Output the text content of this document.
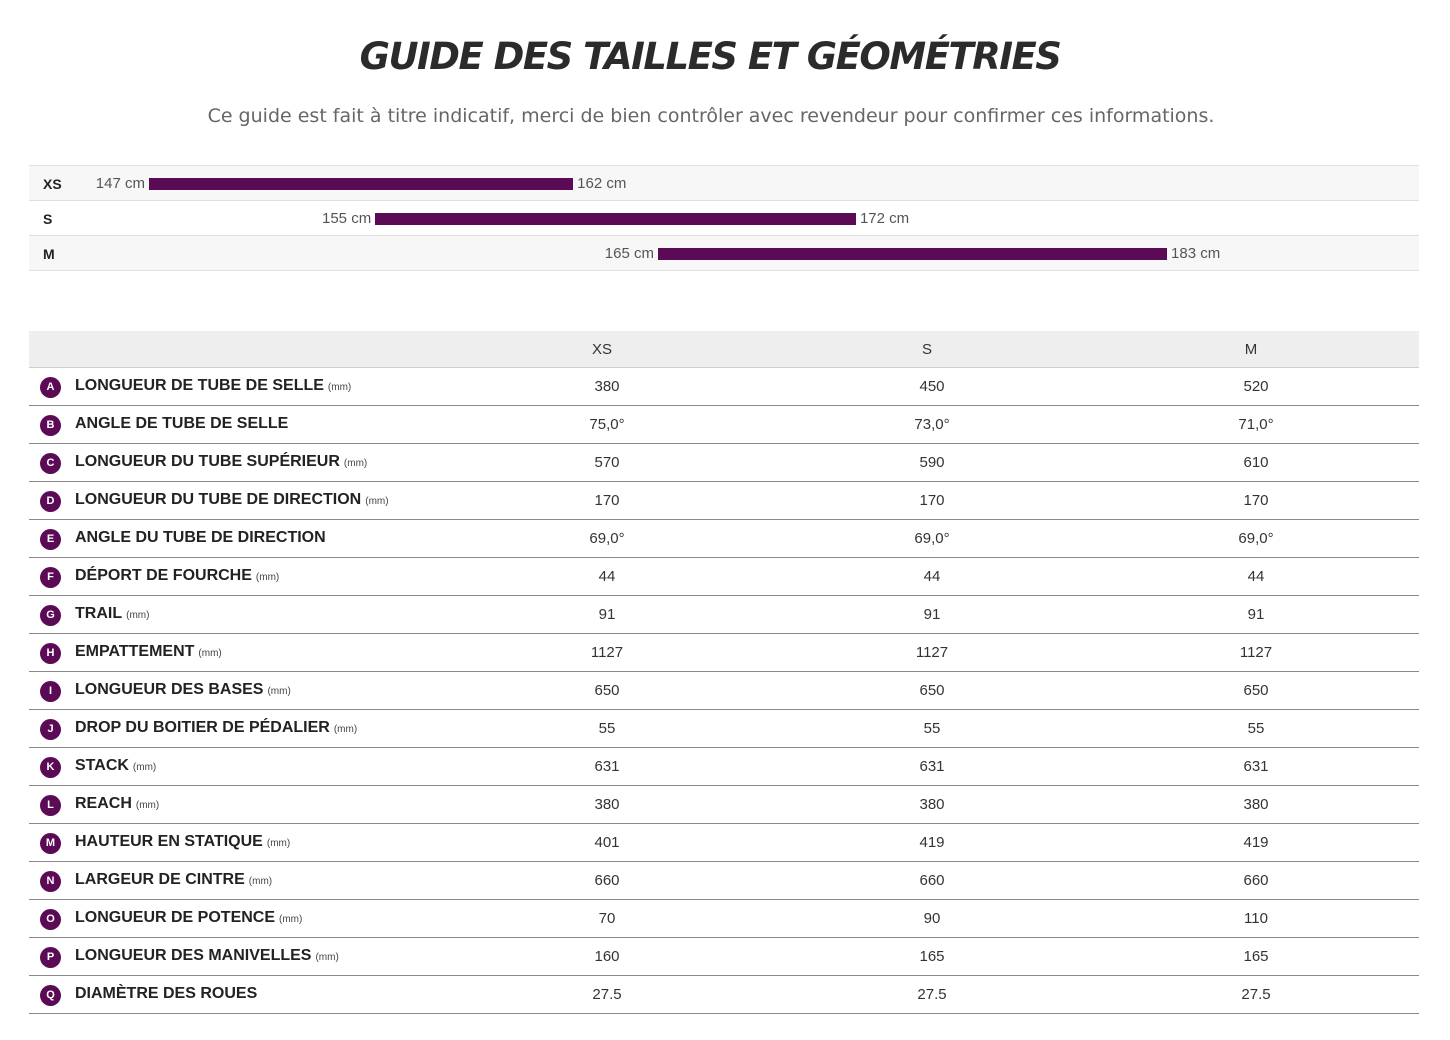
GUIDE DES TAILLES ET GÉOMÉTRIES
Ce guide est fait à titre indicatif, merci de bien contrôler avec revendeur pour confirmer ces informations.
XS 147 cm	162 cm
S	155 cm	172 cm
M	165 cm	183 cm
XS	S	M
A	LONGUEUR DE TUBE DE SELLE (mm)	380	450	520
B	ANGLE DE TUBE DE SELLE	75,0°	73,0°	71,0°
C	LONGUEUR DU TUBE SUPÉRIEUR (mm)	570	590	610
D	LONGUEUR DU TUBE DE DIRECTION (mm)	170	170	170
E	ANGLE DU TUBE DE DIRECTION	69,0°	69,0°	69,0°
F	DÉPORT DE FOURCHE (mm)	44	44	44
G	TRAIL (mm)	91	91	91
H	EMPATTEMENT (mm)	1127	1127	1127
I	LONGUEUR DES BASES (mm)	650	650	650
J	DROP DU BOITIER DE PÉDALIER (mm)	55	55	55
K	STACK (mm)	631	631	631
L	REACH (mm)	380	380	380
M	HAUTEUR EN STATIQUE (mm)	401	419	419
N	LARGEUR DE CINTRE (mm)	660	660	660
O	LONGUEUR DE POTENCE (mm)	70	90	110
P	LONGUEUR DES MANIVELLES (mm)	160	165	165
Q	DIAMÈTRE DES ROUES	27.5	27.5	27.5
